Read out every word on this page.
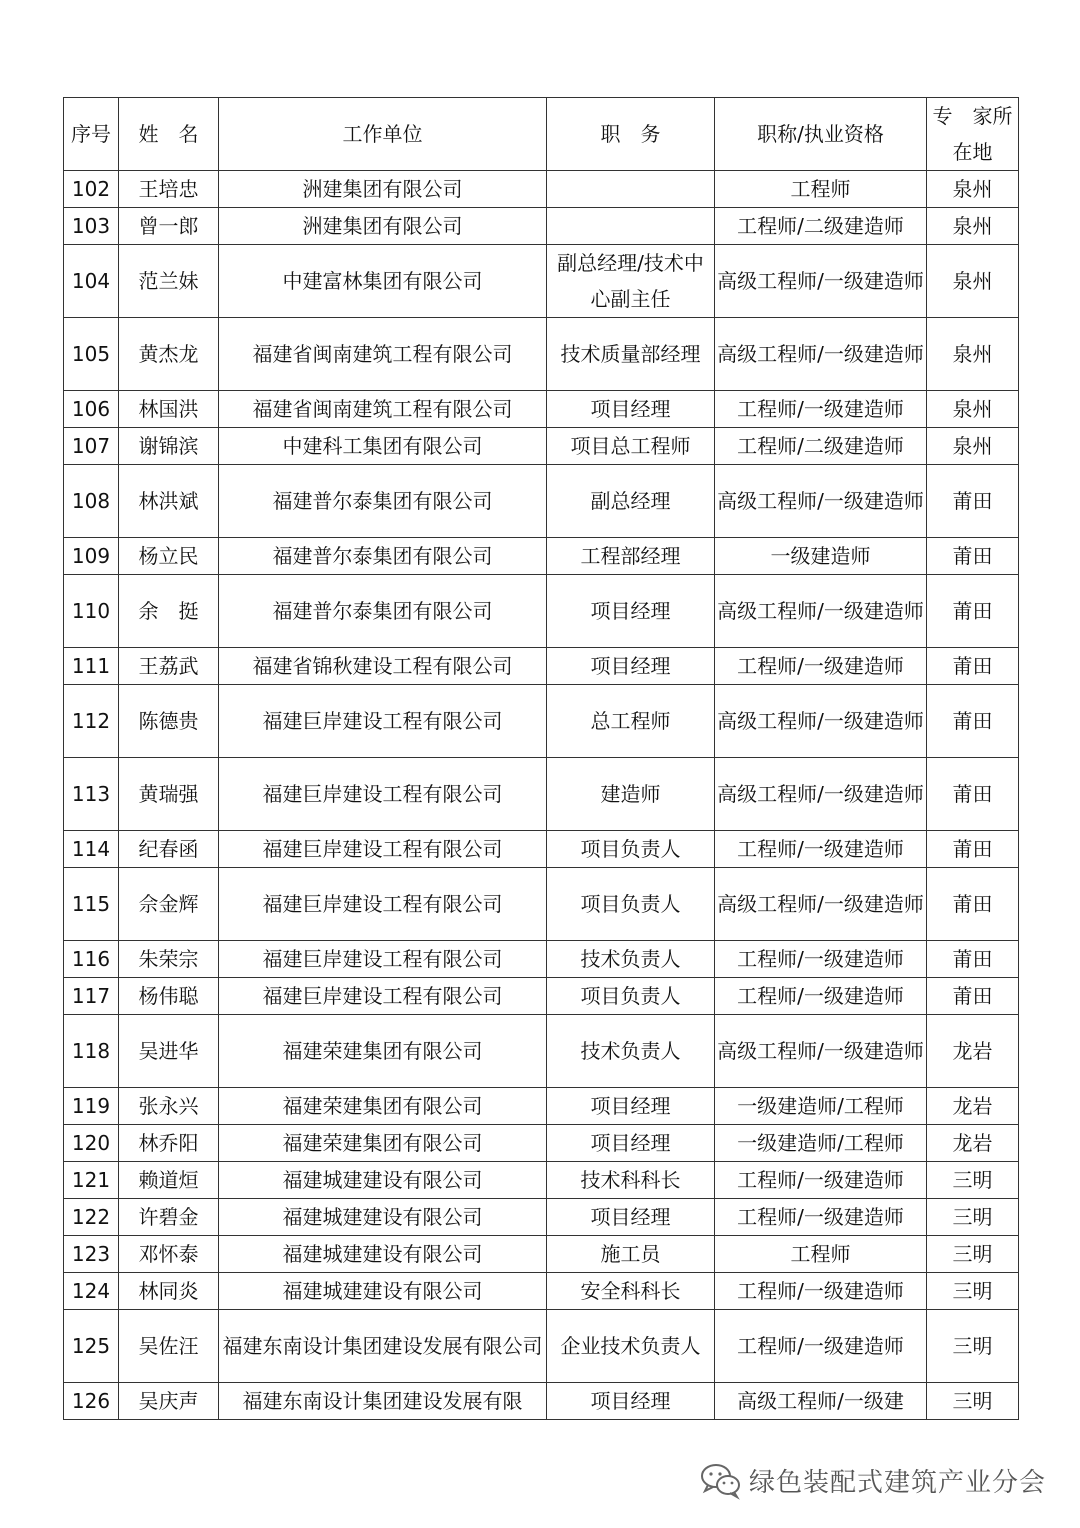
序号	姓　名	工作单位	职　务	职称/执业资格	专　家所在地
102	王培忠	洲建集团有限公司		工程师	泉州
103	曾一郎	洲建集团有限公司		工程师/二级建造师	泉州
104	范兰妹	中建富林集团有限公司	副总经理/技术中心副主任	高级工程师/一级建造师	泉州
105	黄杰龙	福建省闽南建筑工程有限公司	技术质量部经理	高级工程师/一级建造师	泉州
106	林国洪	福建省闽南建筑工程有限公司	项目经理	工程师/一级建造师	泉州
107	谢锦滨	中建科工集团有限公司	项目总工程师	工程师/二级建造师	泉州
108	林洪斌	福建普尔泰集团有限公司	副总经理	高级工程师/一级建造师	莆田
109	杨立民	福建普尔泰集团有限公司	工程部经理	一级建造师	莆田
110	余　挺	福建普尔泰集团有限公司	项目经理	高级工程师/一级建造师	莆田
111	王荔武	福建省锦秋建设工程有限公司	项目经理	工程师/一级建造师	莆田
112	陈德贵	福建巨岸建设工程有限公司	总工程师	高级工程师/一级建造师	莆田
113	黄瑞强	福建巨岸建设工程有限公司	建造师	高级工程师/一级建造师	莆田
114	纪春函	福建巨岸建设工程有限公司	项目负责人	工程师/一级建造师	莆田
115	佘金辉	福建巨岸建设工程有限公司	项目负责人	高级工程师/一级建造师	莆田
116	朱荣宗	福建巨岸建设工程有限公司	技术负责人	工程师/一级建造师	莆田
117	杨伟聪	福建巨岸建设工程有限公司	项目负责人	工程师/一级建造师	莆田
118	吴进华	福建荣建集团有限公司	技术负责人	高级工程师/一级建造师	龙岩
119	张永兴	福建荣建集团有限公司	项目经理	一级建造师/工程师	龙岩
120	林乔阳	福建荣建集团有限公司	项目经理	一级建造师/工程师	龙岩
121	赖道烜	福建城建建设有限公司	技术科科长	工程师/一级建造师	三明
122	许碧金	福建城建建设有限公司	项目经理	工程师/一级建造师	三明
123	邓怀泰	福建城建建设有限公司	施工员	工程师	三明
124	林同炎	福建城建建设有限公司	安全科科长	工程师/一级建造师	三明
125	吴佐汪	福建东南设计集团建设发展有限公司	企业技术负责人	工程师/一级建造师	三明
126	吴庆声	福建东南设计集团建设发展有限	项目经理	高级工程师/一级建	三明
绿色装配式建筑产业分会
